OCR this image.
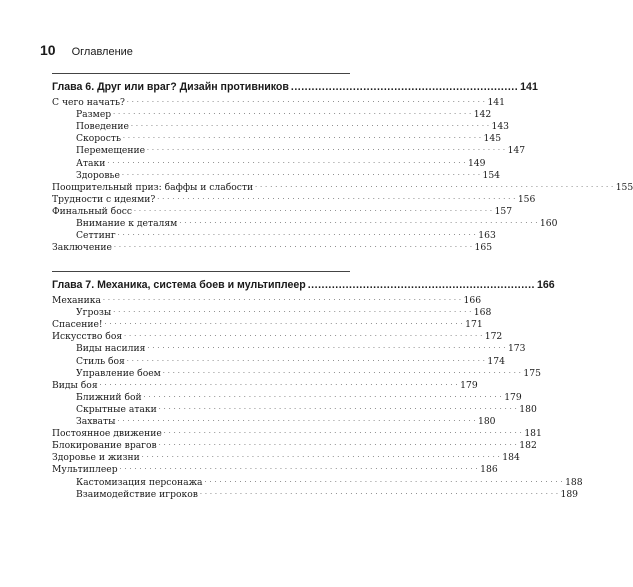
10 Оглавление
Глава 6. Друг или враг? Дизайн противников .................................................................. 141
С чего начать? . . . . . . . . . . . . . . . . . . . . . . . . . . . . . . . . . . . . . . . . . . . . . . . . . . . . . . . . . . . . . . . . . . . . . . . . 141
Размер . . . . . . . . . . . . . . . . . . . . . . . . . . . . . . . . . . . . . . . . . . . . . . . . . . . . . . . . . . . . . . . . . . . . . . . . 142
Поведение . . . . . . . . . . . . . . . . . . . . . . . . . . . . . . . . . . . . . . . . . . . . . . . . . . . . . . . . . . . . . . . . . . . . . . . . 143
Скорость . . . . . . . . . . . . . . . . . . . . . . . . . . . . . . . . . . . . . . . . . . . . . . . . . . . . . . . . . . . . . . . . . . . . . . . . 145
Перемещение . . . . . . . . . . . . . . . . . . . . . . . . . . . . . . . . . . . . . . . . . . . . . . . . . . . . . . . . . . . . . . . . . . . . . . . . 147
Атаки . . . . . . . . . . . . . . . . . . . . . . . . . . . . . . . . . . . . . . . . . . . . . . . . . . . . . . . . . . . . . . . . . . . . . . . . 149
Здоровье . . . . . . . . . . . . . . . . . . . . . . . . . . . . . . . . . . . . . . . . . . . . . . . . . . . . . . . . . . . . . . . . . . . . . . . . 154
Поощрительный приз: баффы и слабости . . . . . . . . . . . . . . . . . . . . . . . . . . . . . . . . . . . . . . . . . . . . . . . . . . . . . . . . . . . . . . . . . . . . . . . . 155
Трудности с идеями? . . . . . . . . . . . . . . . . . . . . . . . . . . . . . . . . . . . . . . . . . . . . . . . . . . . . . . . . . . . . . . . . . . . . . . . . 156
Финальный босс . . . . . . . . . . . . . . . . . . . . . . . . . . . . . . . . . . . . . . . . . . . . . . . . . . . . . . . . . . . . . . . . . . . . . . . . 157
Внимание к деталям . . . . . . . . . . . . . . . . . . . . . . . . . . . . . . . . . . . . . . . . . . . . . . . . . . . . . . . . . . . . . . . . . . . . . . . . 160
Сеттинг . . . . . . . . . . . . . . . . . . . . . . . . . . . . . . . . . . . . . . . . . . . . . . . . . . . . . . . . . . . . . . . . . . . . . . . . 163
Заключение . . . . . . . . . . . . . . . . . . . . . . . . . . . . . . . . . . . . . . . . . . . . . . . . . . . . . . . . . . . . . . . . . . . . . . . . 165
Глава 7. Механика, система боев и мультиплеер .................................................................. 166
Механика . . . . . . . . . . . . . . . . . . . . . . . . . . . . . . . . . . . . . . . . . . . . . . . . . . . . . . . . . . . . . . . . . . . . . . . . 166
Угрозы . . . . . . . . . . . . . . . . . . . . . . . . . . . . . . . . . . . . . . . . . . . . . . . . . . . . . . . . . . . . . . . . . . . . . . . . 168
Спасение! . . . . . . . . . . . . . . . . . . . . . . . . . . . . . . . . . . . . . . . . . . . . . . . . . . . . . . . . . . . . . . . . . . . . . . . . 171
Искусство боя . . . . . . . . . . . . . . . . . . . . . . . . . . . . . . . . . . . . . . . . . . . . . . . . . . . . . . . . . . . . . . . . . . . . . . . . 172
Виды насилия . . . . . . . . . . . . . . . . . . . . . . . . . . . . . . . . . . . . . . . . . . . . . . . . . . . . . . . . . . . . . . . . . . . . . . . . 173
Стиль боя . . . . . . . . . . . . . . . . . . . . . . . . . . . . . . . . . . . . . . . . . . . . . . . . . . . . . . . . . . . . . . . . . . . . . . . . 174
Управление боем . . . . . . . . . . . . . . . . . . . . . . . . . . . . . . . . . . . . . . . . . . . . . . . . . . . . . . . . . . . . . . . . . . . . . . . . 175
Виды боя . . . . . . . . . . . . . . . . . . . . . . . . . . . . . . . . . . . . . . . . . . . . . . . . . . . . . . . . . . . . . . . . . . . . . . . . 179
Ближний бой . . . . . . . . . . . . . . . . . . . . . . . . . . . . . . . . . . . . . . . . . . . . . . . . . . . . . . . . . . . . . . . . . . . . . . . . 179
Скрытные атаки . . . . . . . . . . . . . . . . . . . . . . . . . . . . . . . . . . . . . . . . . . . . . . . . . . . . . . . . . . . . . . . . . . . . . . . . 180
Захваты . . . . . . . . . . . . . . . . . . . . . . . . . . . . . . . . . . . . . . . . . . . . . . . . . . . . . . . . . . . . . . . . . . . . . . . . 180
Постоянное движение . . . . . . . . . . . . . . . . . . . . . . . . . . . . . . . . . . . . . . . . . . . . . . . . . . . . . . . . . . . . . . . . . . . . . . . . 181
Блокирование врагов . . . . . . . . . . . . . . . . . . . . . . . . . . . . . . . . . . . . . . . . . . . . . . . . . . . . . . . . . . . . . . . . . . . . . . . . 182
Здоровье и жизни . . . . . . . . . . . . . . . . . . . . . . . . . . . . . . . . . . . . . . . . . . . . . . . . . . . . . . . . . . . . . . . . . . . . . . . . 184
Мультиплеер . . . . . . . . . . . . . . . . . . . . . . . . . . . . . . . . . . . . . . . . . . . . . . . . . . . . . . . . . . . . . . . . . . . . . . . . 186
Кастомизация персонажа . . . . . . . . . . . . . . . . . . . . . . . . . . . . . . . . . . . . . . . . . . . . . . . . . . . . . . . . . . . . . . . . . . . . . . . . 188
Взаимодействие игроков . . . . . . . . . . . . . . . . . . . . . . . . . . . . . . . . . . . . . . . . . . . . . . . . . . . . . . . . . . . . . . . . . . . . . . . . 189
